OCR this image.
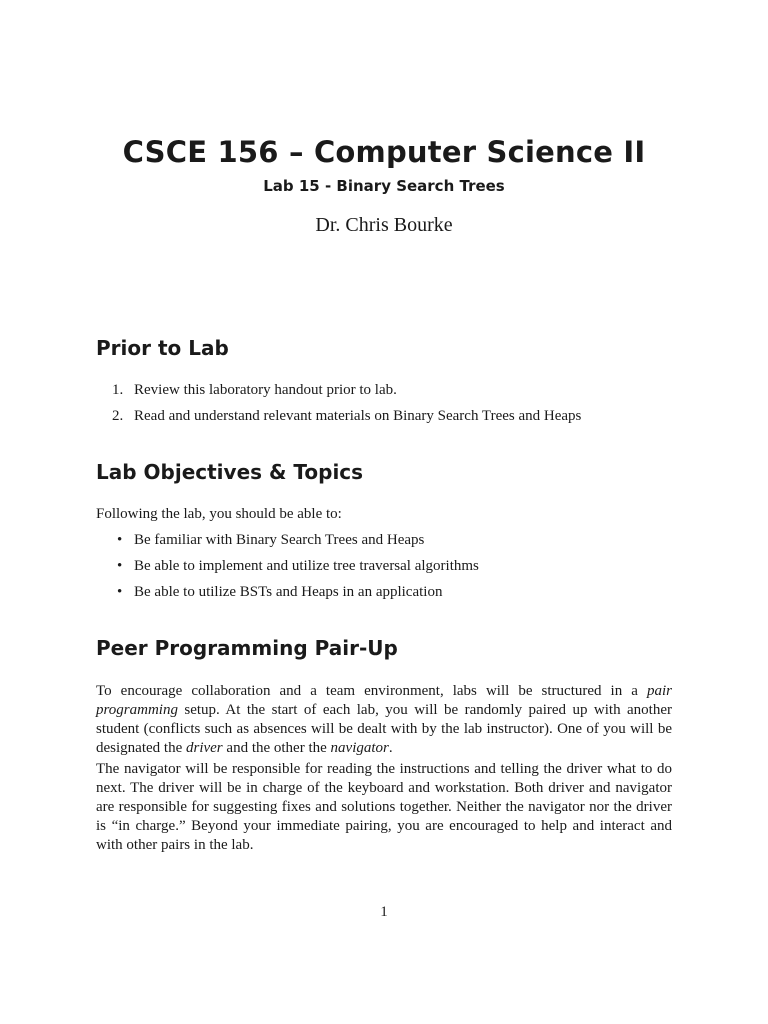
CSCE 156 – Computer Science II
Lab 15 - Binary Search Trees
Dr. Chris Bourke
Prior to Lab
1. Review this laboratory handout prior to lab.
2. Read and understand relevant materials on Binary Search Trees and Heaps
Lab Objectives & Topics

Following the lab, you should be able to:

• Be familiar with Binary Search Trees and Heaps
• Be able to implement and utilize tree traversal algorithms
• Be able to utilize BSTs and Heaps in an application
Peer Programming Pair-Up

To encourage collaboration and a team environment, labs will be structured in a pair programming setup. At the start of each lab, you will be randomly paired up with another student (conflicts such as absences will be dealt with by the lab instructor). One of you will be designated the driver and the other the navigator.

The navigator will be responsible for reading the instructions and telling the driver what to do next. The driver will be in charge of the keyboard and workstation. Both driver and navigator are responsible for suggesting fixes and solutions together. Neither the navigator nor the driver is “in charge.” Beyond your immediate pairing, you are encouraged to help and interact and with other pairs in the lab.

1
